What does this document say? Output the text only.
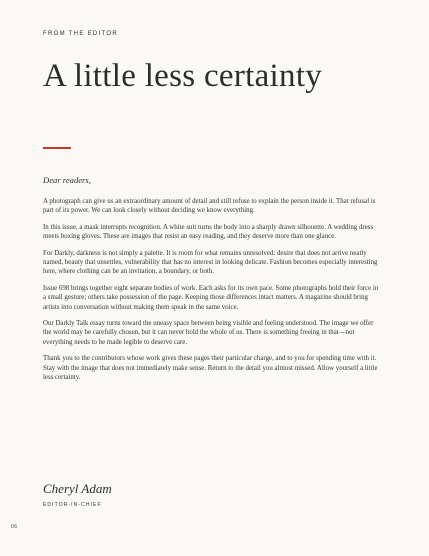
FROM THE EDITOR
A little less certainty
Dear readers,

A photograph can give us an extraordinary amount of detail and still refuse to explain the person inside it. That refusal is part of its power. We can look closely without deciding we know everything.

In this issue, a mask interrupts recognition. A white suit turns the body into a sharply drawn silhouette. A wedding dress meets boxing gloves. These are images that resist an easy reading, and they deserve more than one glance.

For Darkly, darkness is not simply a palette. It is room for what remains unresolved: desire that does not arrive neatly named, beauty that unsettles, vulnerability that has no interest in looking delicate. Fashion becomes especially interesting here, where clothing can be an invitation, a boundary, or both.

Issue 698 brings together eight separate bodies of work. Each asks for its own pace. Some photographs hold their force in a small gesture; others take possession of the page. Keeping those differences intact matters. A magazine should bring artists into conversation without making them speak in the same voice.

Our Darkly Talk essay turns toward the uneasy space between being visible and feeling understood. The image we offer the world may be carefully chosen, but it can never hold the whole of us. There is something freeing in that—not everything needs to be made legible to deserve care.

Thank you to the contributors whose work gives these pages their particular charge, and to you for spending time with it. Stay with the image that does not immediately make sense. Return to the detail you almost missed. Allow yourself a little less certainty.

Cheryl Adam
EDITOR-IN-CHIEF
06
